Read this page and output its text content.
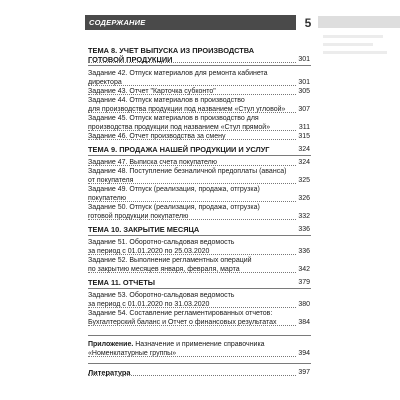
СОДЕРЖАНИЕ	5
ТЕМА 8. УЧЕТ ВЫПУСКА ИЗ ПРОИЗВОДСТВА
ГОТОВОЙ ПРОДУКЦИИ	301
Задание 42. Отпуск материалов для ремонта кабинета
директора	301
Задание 43. Отчет "Карточка субконто"	305
Задание 44. Отпуск материалов в производство
для производства продукции под названием «Стул угловой» 307
Задание 45. Отпуск материалов в производство для
производства продукции под названием «Стул прямой»	311
Задание 46. Отчет производства за смену	315
ТЕМА 9. ПРОДАЖА НАШЕЙ ПРОДУКЦИИ И УСЛУГ	324
Задание 47. Выписка счета покупателю	324
Задание 48. Поступление безналичной предоплаты (аванса)
от покупателя	325
Задание 49. Отпуск (реализация, продажа, отгрузка)
покупателю	326
Задание 50. Отпуск (реализация, продажа, отгрузка)
готовой продукции покупателю	332
ТЕМА 10. ЗАКРЫТИЕ МЕСЯЦА	336
Задание 51. Оборотно-сальдовая ведомость
за период с 01.01.2020 по 25.03.2020	336
Задание 52. Выполнение регламентных операций
по закрытию месяцев января, февраля, марта	342
ТЕМА 11. ОТЧЕТЫ	379
Задание 53. Оборотно-сальдовая ведомость
за период с 01.01.2020 по 31.03.2020	380
Задание 54. Составление регламентированных отчетов:
Бухгалтерский баланс и Отчет о финансовых результатах	384
Приложение. Назначение и применение справочника
«Номенклатурные группы»	394
Литература	397
